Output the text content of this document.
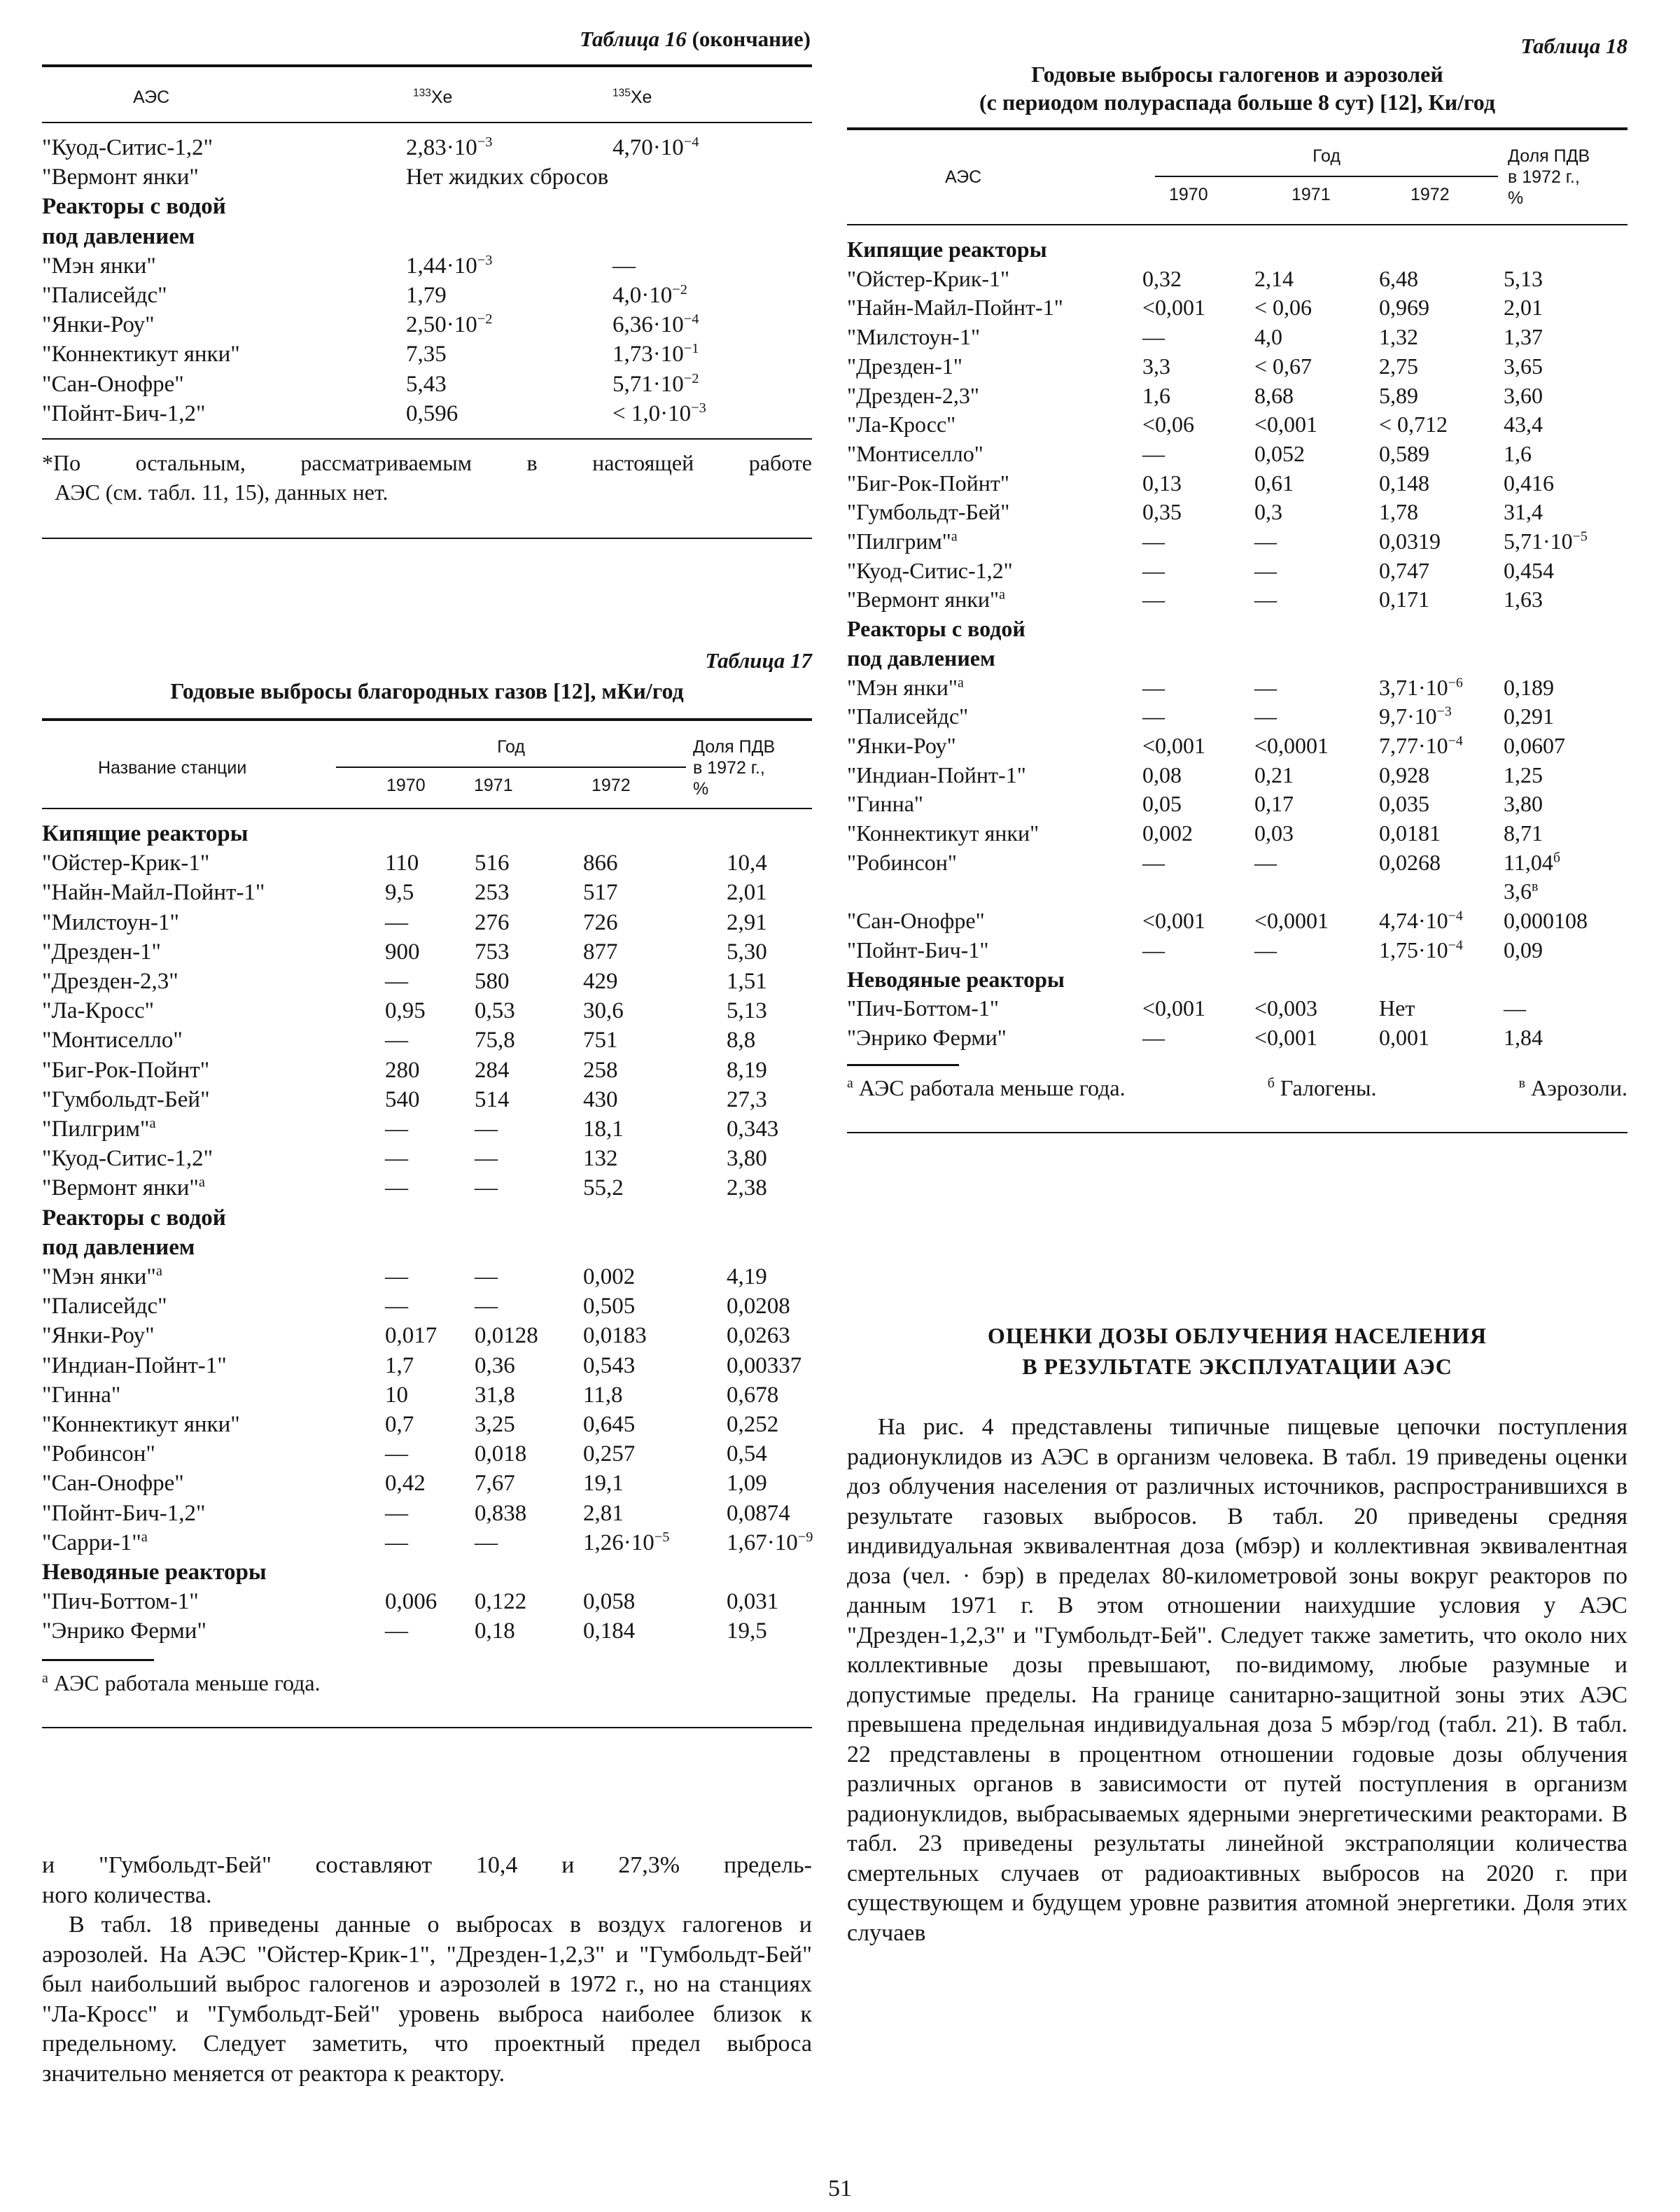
Таблица 16 (окончание)
АЭС	$^{133}$Xe	$^{135}$Xe
"Куод-Ситис-1,2"	$2,83\cdot 10^{-3}$	$4,70\cdot 10^{-4}$
"Вермонт янки"	Нет жидких сбросов	
Реакторы с водой		
под давлением		
"Мэн янки"	$1,44\cdot 10^{-3}$	—
"Палисейдс"	1,79	$4,0\cdot 10^{-2}$
"Янки-Роу"	$2,50\cdot 10^{-2}$	$6,36\cdot 10^{-4}$
"Коннектикут янки"	7,35	$1,73\cdot 10^{-1}$
"Сан-Онофре"	5,43	$5,71\cdot 10^{-2}$
"Пойнт-Бич-1,2"	0,596	< $1,0\cdot 10^{-3}$
*По остальным, рассматриваемым в настоящей работе
АЭС (см. табл. 11, 15), данных нет.
Таблица 17
Годовые выбросы благородных газов [12], мКи/год
Название станции	Год			Доля ПДВ
в 1972 г.,
%

	1970	1971	1972	
Кипящие реакторы				
"Ойстер-Крик-1"	110	516	866	10,4
"Найн-Майл-Пойнт-1"	9,5	253	517	2,01
"Милстоун-1"	—	276	726	2,91
"Дрезден-1"	900	753	877	5,30
"Дрезден-2,3"	—	580	429	1,51
"Ла-Кросс"	0,95	0,53	30,6	5,13
"Монтиселло"	—	75,8	751	8,8
"Биг-Рок-Пойнт"	280	284	258	8,19
"Гумбольдт-Бей"	540	514	430	27,3
"Пилгрим"$^а$	—	—	18,1	0,343
"Куод-Ситис-1,2"	—	—	132	3,80
"Вермонт янки"$^а$	—	—	55,2	2,38
Реакторы с водой				
под давлением				
"Мэн янки"$^а$	—	—	0,002	4,19
"Палисейдс"	—	—	0,505	0,0208
"Янки-Роу"	0,017	0,0128	0,0183	0,0263
"Индиан-Пойнт-1"	1,7	0,36	0,543	0,00337
"Гинна"	10	31,8	11,8	0,678
"Коннектикут янки"	0,7	3,25	0,645	0,252
"Робинсон"	—	0,018	0,257	0,54
"Сан-Онофре"	0,42	7,67	19,1	1,09
"Пойнт-Бич-1,2"	—	0,838	2,81	0,0874
"Сарри-1"$^а$	—	—	$1,26\cdot 10^{-5}$	$1,67\cdot 10^{-9}$
Неводяные реакторы				
"Пич-Боттом-1"	0,006	0,122	0,058	0,031
"Энрико Ферми"	—	0,18	0,184	19,5
$^а$ АЭС работала меньше года.
и "Гумбольдт-Бей" составляют 10,4 и 27,3% предель-
ного количества.
В табл. 18 приведены данные о выбросах в воздух галогенов и аэрозолей. На АЭС "Ойстер-Крик-1", "Дрезден-1,2,3" и "Гумбольдт-Бей" был наибольший выброс галогенов и аэрозолей в 1972 г., но на станциях "Ла-Кросс" и "Гумбольдт-Бей" уровень выброса наиболее близок к предельному. Следует заметить, что проектный предел выброса значительно меняется от реактора к реактору.
Таблица 18
Годовые выбросы галогенов и аэрозолей
(с периодом полураспада больше 8 сут) [12], Ки/год
АЭС	Год			Доля ПДВ
в 1972 г.,
%

	1970	1971	1972	
Кипящие реакторы				
"Ойстер-Крик-1"	0,32	2,14	6,48	5,13
"Найн-Майл-Пойнт-1"	<0,001	< 0,06	0,969	2,01
"Милстоун-1"	—	4,0	1,32	1,37
"Дрезден-1"	3,3	< 0,67	2,75	3,65
"Дрезден-2,3"	1,6	8,68	5,89	3,60
"Ла-Кросс"	<0,06	<0,001	< 0,712	43,4
"Монтиселло"	—	0,052	0,589	1,6
"Биг-Рок-Пойнт"	0,13	0,61	0,148	0,416
"Гумбольдт-Бей"	0,35	0,3	1,78	31,4
"Пилгрим"$^а$	—	—	0,0319	$5,71\cdot 10^{-5}$
"Куод-Ситис-1,2"	—	—	0,747	0,454
"Вермонт янки"$^а$	—	—	0,171	1,63
Реакторы с водой				
под давлением				
"Мэн янки"$^а$	—	—	$3,71\cdot 10^{-6}$	0,189
"Палисейдс"	—	—	$9,7\cdot 10^{-3}$	0,291
"Янки-Роу"	<0,001	<0,0001	$7,77\cdot 10^{-4}$	0,0607
"Индиан-Пойнт-1"	0,08	0,21	0,928	1,25
"Гинна"	0,05	0,17	0,035	3,80
"Коннектикут янки"	0,002	0,03	0,0181	8,71
"Робинсон"	—	—	0,0268	$11,04^б$
$3,6^в$
"Сан-Онофре"	<0,001	<0,0001	$4,74\cdot 10^{-4}$	0,000108
"Пойнт-Бич-1"	—	—	$1,75\cdot 10^{-4}$	0,09
Неводяные реакторы				
"Пич-Боттом-1"	<0,001	<0,003	Нет	—
"Энрико Ферми"	—	<0,001	0,001	1,84
$^а$ АЭС работала меньше года.	$^б$ Галогены.	$^в$ Аэрозоли.
ОЦЕНКИ ДОЗЫ ОБЛУЧЕНИЯ НАСЕЛЕНИЯ
В РЕЗУЛЬТАТЕ ЭКСПЛУАТАЦИИ АЭС
На рис. 4 представлены типичные пищевые цепочки поступления радионуклидов из АЭС в организм человека. В табл. 19 приведены оценки доз облучения населения от различных источников, распространившихся в результате газовых выбросов. В табл. 20 приведены средняя индивидуальная эквивалентная доза (мбэр) и коллективная эквивалентная доза (чел. · бэр) в пределах 80-километровой зоны вокруг реакторов по данным 1971 г. В этом отношении наихудшие условия у АЭС "Дрезден-1,2,3" и "Гумбольдт-Бей". Следует также заметить, что около них коллективные дозы превышают, по-видимому, любые разумные и допустимые пределы. На границе санитарно-защитной зоны этих АЭС превышена предельная индивидуальная доза 5 мбэр/год (табл. 21). В табл. 22 представлены в процентном отношении годовые дозы облучения различных органов в зависимости от путей поступления в организм радионуклидов, выбрасываемых ядерными энергетическими реакторами. В табл. 23 приведены результаты линейной экстраполяции количества смертельных случаев от радиоактивных выбросов на 2020 г. при существующем и будущем уровне развития атомной энергетики. Доля этих случаев
51
